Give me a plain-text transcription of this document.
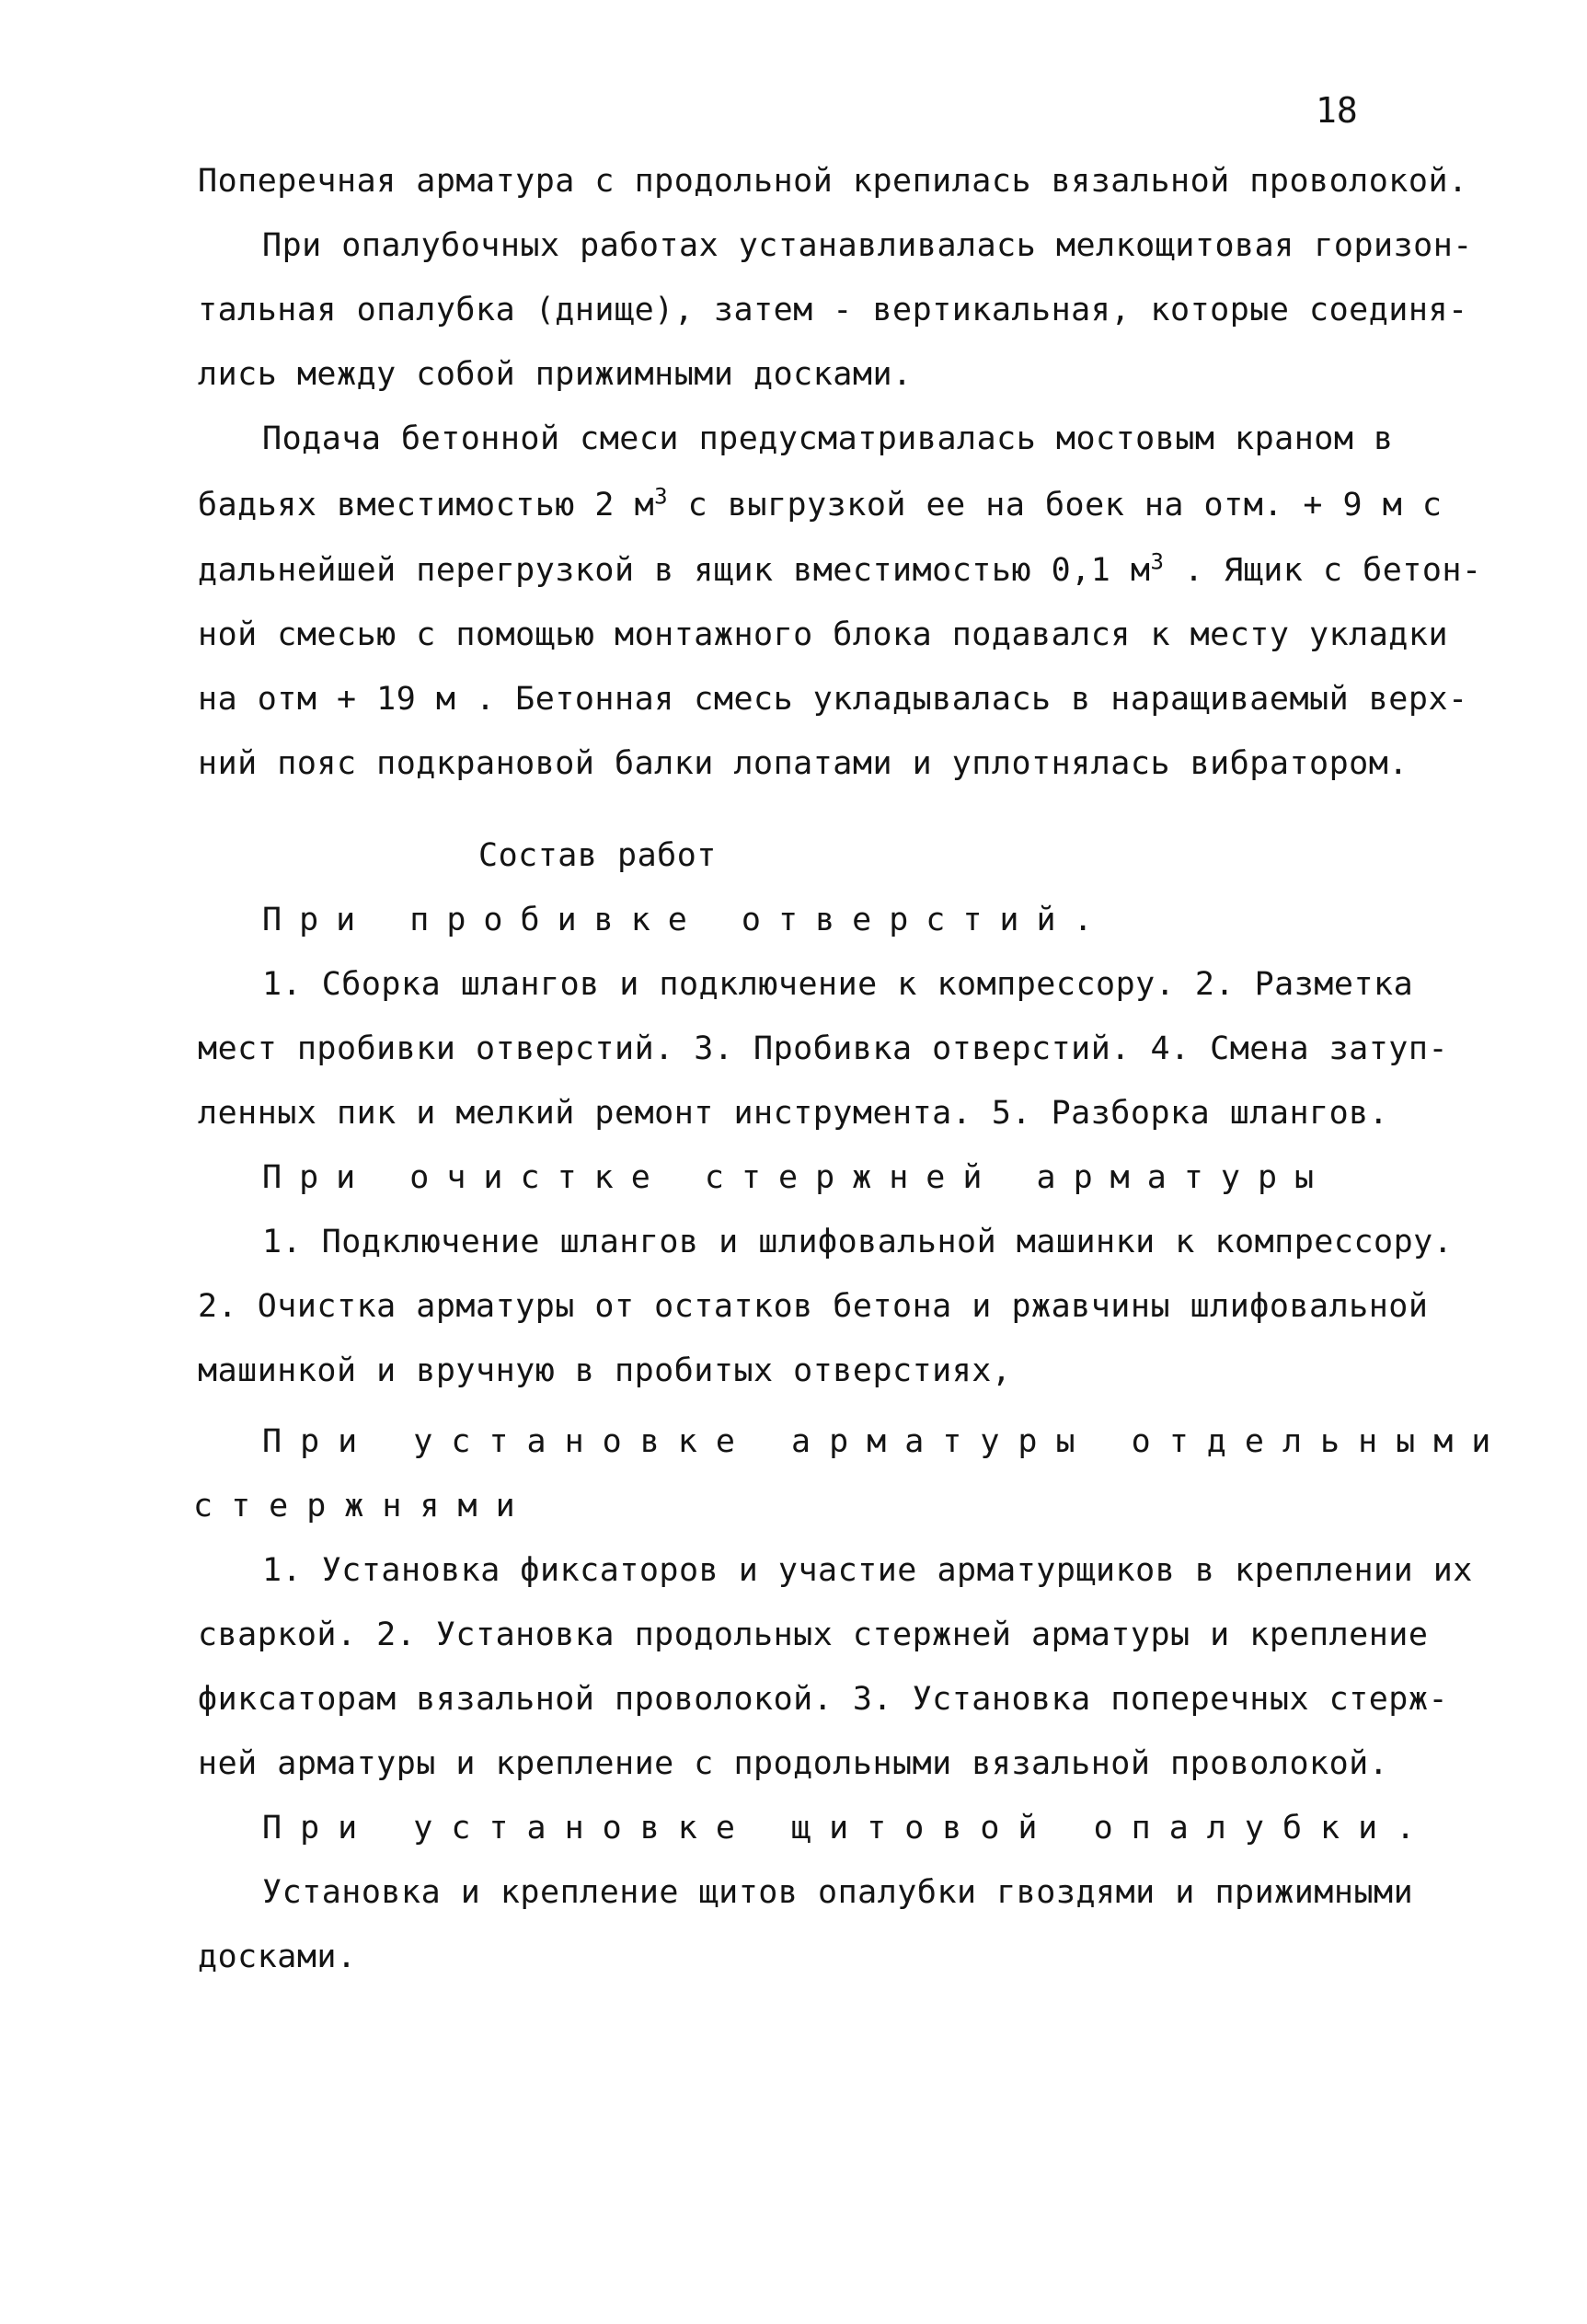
18
Поперечная арматура с продольной крепилась вязальной проволокой.
При опалубочных работах устанавливалась мелкощитовая горизон-
тальная опалубка (днище), затем - вертикальная, которые соединя-
лись между собой прижимными досками.
Подача бетонной смеси предусматривалась мостовым краном в
бадьях вместимостью 2 $м^3$ с выгрузкой ее на боек на отм. + 9 м с
дальнейшей перегрузкой в ящик вместимостью 0,1 $м^3$ . Ящик с бетон-
ной смесью с помощью монтажного блока подавался к месту укладки
на отм + 19 м . Бетонная смесь укладывалась в наращиваемый верх-
ний пояс подкрановой балки лопатами и уплотнялась вибратором.
Состав работ
При пробивке отверстий.
1. Сборка шлангов и подключение к компрессору. 2. Разметка
мест пробивки отверстий. 3. Пробивка отверстий. 4. Смена затуп-
ленных пик и мелкий ремонт инструмента. 5. Разборка шлангов.
При очистке стержней арматуры
1. Подключение шлангов и шлифовальной машинки к компрессору.
2. Очистка арматуры от остатков бетона и ржавчины шлифовальной
машинкой и вручную в пробитых отверстиях,
При установке арматуры отдельными
стержнями
1. Установка фиксаторов и участие арматурщиков в креплении их
сваркой. 2. Установка продольных стержней арматуры и крепление
фиксаторам вязальной проволокой. 3. Установка поперечных стерж-
ней арматуры и крепление с продольными вязальной проволокой.
При установке щитовой опалубки.
Установка и крепление щитов опалубки гвоздями и прижимными
досками.
